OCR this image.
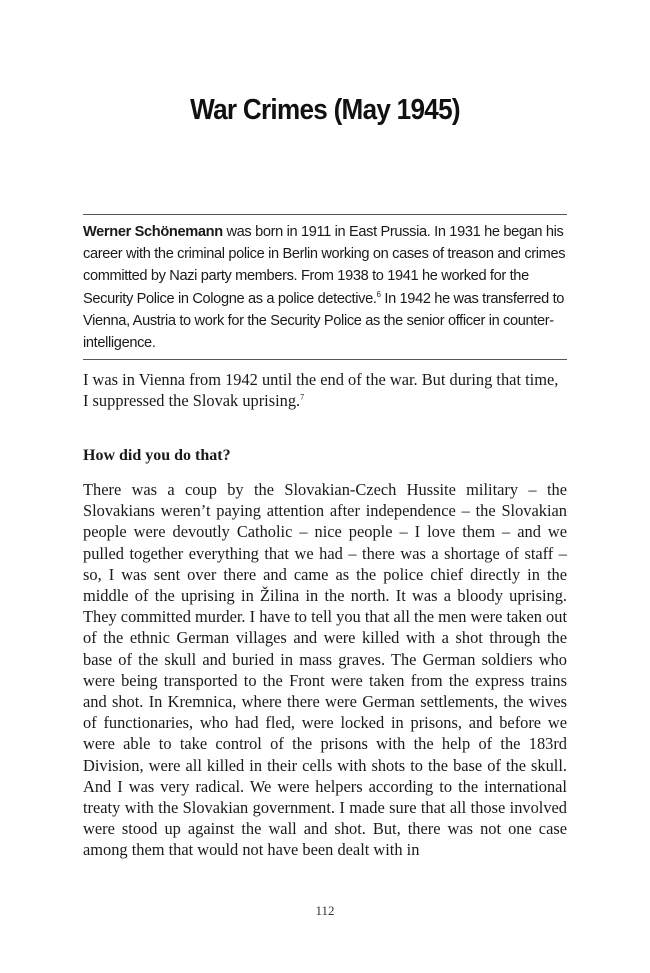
War Crimes (May 1945)

Werner Schönemann was born in 1911 in East Prussia. In 1931 he began his career with the criminal police in Berlin working on cases of treason and crimes committed by Nazi party members. From 1938 to 1941 he worked for the Security Police in Cologne as a police detective.$^6$ In 1942 he was transferred to Vienna, Austria to work for the Security Police as the senior officer in counter-intelligence.

I was in Vienna from 1942 until the end of the war. But during that time, I suppressed the Slovak uprising.$^7$

How did you do that?

There was a coup by the Slovakian-Czech Hussite military – the Slovakians weren’t paying attention after independence – the Slovakian people were devoutly Catholic – nice people – I love them – and we pulled together everything that we had – there was a shortage of staff – so, I was sent over there and came as the police chief directly in the middle of the uprising in Žilina in the north. It was a bloody uprising. They committed murder. I have to tell you that all the men were taken out of the ethnic German villages and were killed with a shot through the base of the skull and buried in mass graves. The German soldiers who were being transported to the Front were taken from the express trains and shot. In Kremnica, where there were German settlements, the wives of functionaries, who had fled, were locked in prisons, and before we were able to take control of the prisons with the help of the 183rd Division, were all killed in their cells with shots to the base of the skull. And I was very radical. We were helpers according to the international treaty with the Slovakian government. I made sure that all those involved were stood up against the wall and shot. But, there was not one case among them that would not have been dealt with in

112
